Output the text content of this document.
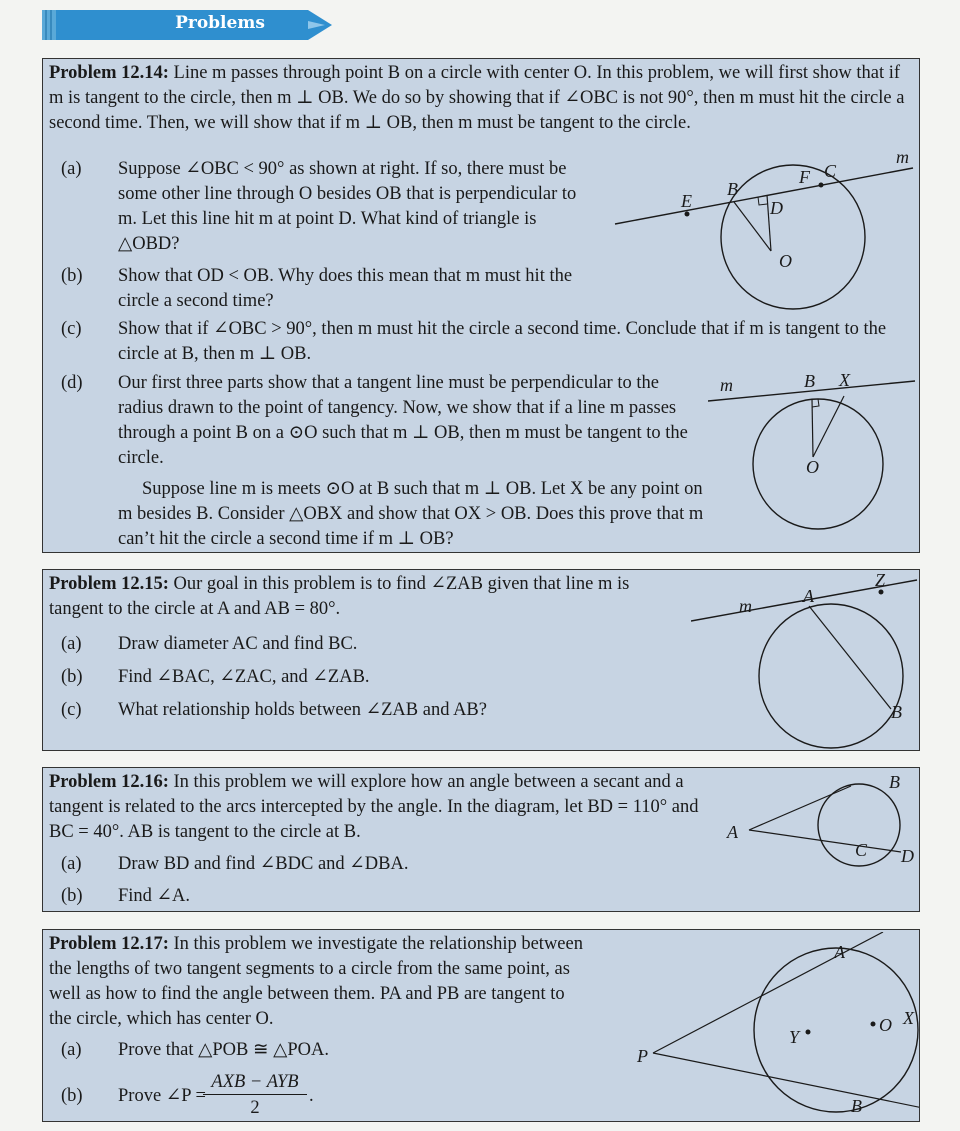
Problems

Problem 12.14: Line m passes through point B on a circle with center O. In this problem, we will first show that if m is tangent to the circle, then m ⊥ OB. We do so by showing that if ∠OBC is not 90°, then m must hit the circle a second time. Then, we will show that if m ⊥ OB, then m must be tangent to the circle.

(a) Suppose ∠OBC < 90° as shown at right. If so, there must be some other line through O besides OB that is perpendicular to m. Let this line hit m at point D. What kind of triangle is △OBD?
(b) Show that OD < OB. Why does this mean that m must hit the circle a second time?
(c) Show that if ∠OBC > 90°, then m must hit the circle a second time. Conclude that if m is tangent to the circle at B, then m ⊥ OB.
(d) Our first three parts show that a tangent line must be perpendicular to the radius drawn to the point of tangency. Now, we show that if a line m passes through a point B on a ⊙O such that m ⊥ OB, then m must be tangent to the circle.
Suppose line m is meets ⊙O at B such that m ⊥ OB. Let X be any point on m besides B. Consider △OBX and show that OX > OB. Does this prove that m can’t hit the circle a second time if m ⊥ OB?
m
C
F
B
E	D
O
m	B X
O

Problem 12.15: Our goal in this problem is to find ∠ZAB given that line m is tangent to the circle at A and AB = 80°.

(a) Draw diameter AC and find BC.
(b) Find ∠BAC, ∠ZAC, and ∠ZAB.
(c) What relationship holds between ∠ZAB and AB?
Z
A
m
B

Problem 12.16: In this problem we will explore how an angle between a secant and a tangent is related to the arcs intercepted by the angle. In the diagram, let BD = 110° and BC = 40°. AB is tangent to the circle at B.

(a) Draw BD and find ∠BDC and ∠DBA.
(b) Find ∠A.
B
A
C D

Problem 12.17: In this problem we investigate the relationship between the lengths of two tangent segments to a circle from the same point, as well as how to find the angle between them. PA and PB are tangent to the circle, which has center O.

(a) Prove that △POB ≅ △POA.
(b) Prove ∠P =
AXB − AYB
2
.
A
X
Y
O
P
B
